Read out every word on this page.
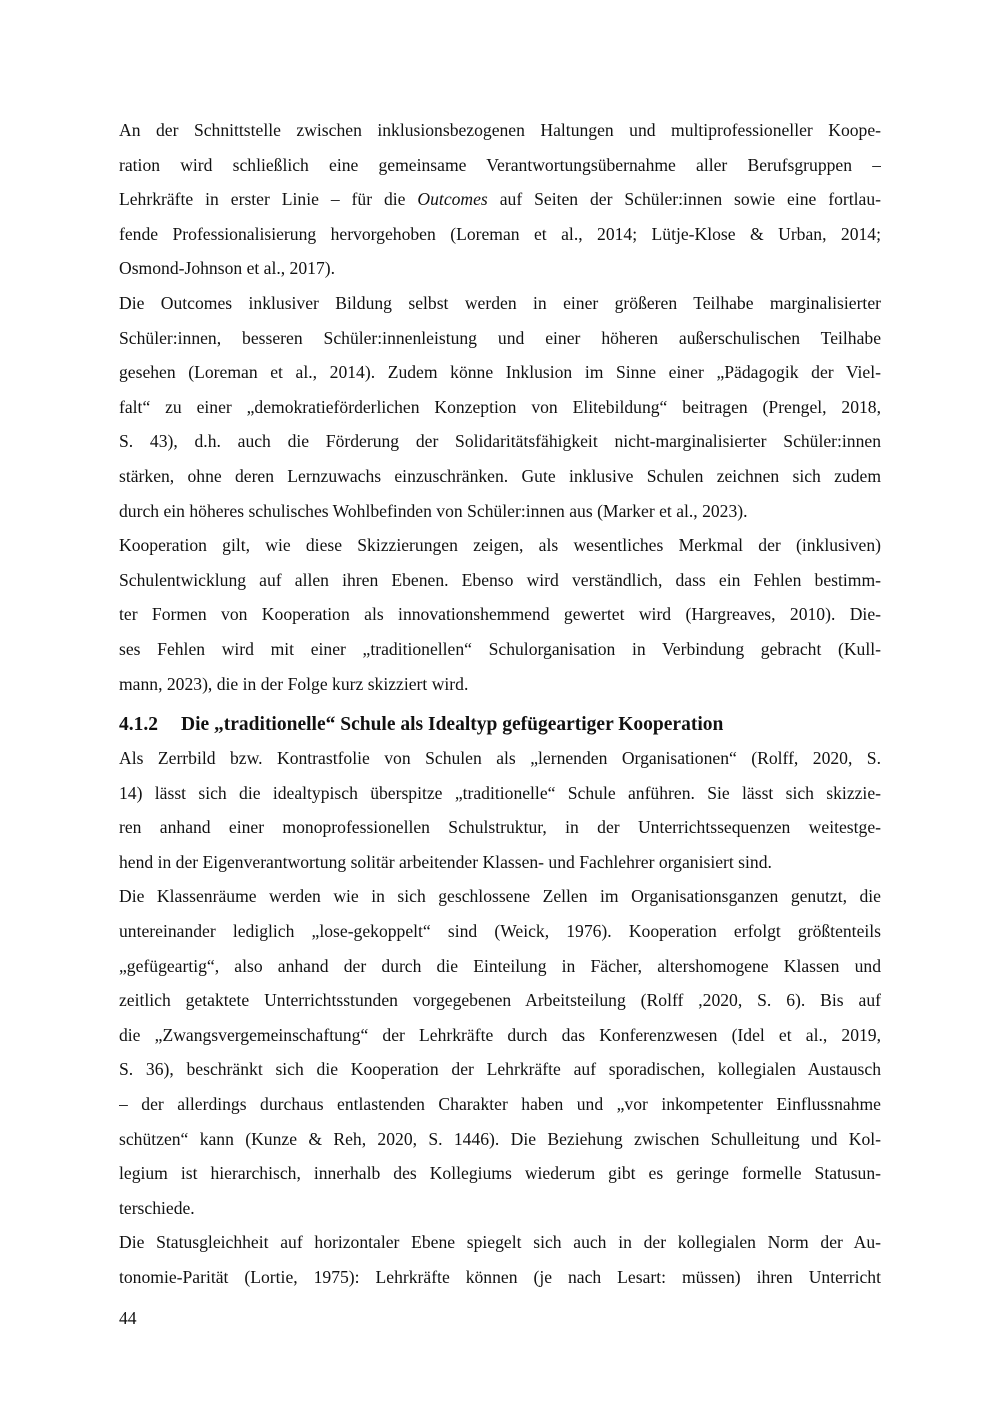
An der Schnittstelle zwischen inklusionsbezogenen Haltungen und multiprofessioneller Koope-
ration wird schließlich eine gemeinsame Verantwortungsübernahme aller Berufsgruppen –
Lehrkräfte in erster Linie – für die Outcomes auf Seiten der Schüler:innen sowie eine fortlau-
fende Professionalisierung hervorgehoben (Loreman et al., 2014; Lütje-Klose & Urban, 2014;
Osmond-Johnson et al., 2017).

Die Outcomes inklusiver Bildung selbst werden in einer größeren Teilhabe marginalisierter
Schüler:innen, besseren Schüler:innenleistung und einer höheren außerschulischen Teilhabe
gesehen (Loreman et al., 2014). Zudem könne Inklusion im Sinne einer „Pädagogik der Viel-
falt“ zu einer „demokratieförderlichen Konzeption von Elitebildung“ beitragen (Prengel, 2018,
S. 43), d.h. auch die Förderung der Solidaritätsfähigkeit nicht-marginalisierter Schüler:innen
stärken, ohne deren Lernzuwachs einzuschränken. Gute inklusive Schulen zeichnen sich zudem
durch ein höheres schulisches Wohlbefinden von Schüler:innen aus (Marker et al., 2023).

Kooperation gilt, wie diese Skizzierungen zeigen, als wesentliches Merkmal der (inklusiven)
Schulentwicklung auf allen ihren Ebenen. Ebenso wird verständlich, dass ein Fehlen bestimm-
ter Formen von Kooperation als innovationshemmend gewertet wird (Hargreaves, 2010). Die-
ses Fehlen wird mit einer „traditionellen“ Schulorganisation in Verbindung gebracht (Kull-
mann, 2023), die in der Folge kurz skizziert wird.

4.1.2 Die „traditionelle“ Schule als Idealtyp gefügeartiger Kooperation

Als Zerrbild bzw. Kontrastfolie von Schulen als „lernenden Organisationen“ (Rolff, 2020, S.
14) lässt sich die idealtypisch überspitze „traditionelle“ Schule anführen. Sie lässt sich skizzie-
ren anhand einer monoprofessionellen Schulstruktur, in der Unterrichtssequenzen weitestge-
hend in der Eigenverantwortung solitär arbeitender Klassen- und Fachlehrer organisiert sind.

Die Klassenräume werden wie in sich geschlossene Zellen im Organisationsganzen genutzt, die
untereinander lediglich „lose-gekoppelt“ sind (Weick, 1976). Kooperation erfolgt größtenteils
„gefügeartig“, also anhand der durch die Einteilung in Fächer, altershomogene Klassen und
zeitlich getaktete Unterrichtsstunden vorgegebenen Arbeitsteilung (Rolff ,2020, S. 6). Bis auf
die „Zwangsvergemeinschaftung“ der Lehrkräfte durch das Konferenzwesen (Idel et al., 2019,
S. 36), beschränkt sich die Kooperation der Lehrkräfte auf sporadischen, kollegialen Austausch
– der allerdings durchaus entlastenden Charakter haben und „vor inkompetenter Einflussnahme
schützen“ kann (Kunze & Reh, 2020, S. 1446). Die Beziehung zwischen Schulleitung und Kol-
legium ist hierarchisch, innerhalb des Kollegiums wiederum gibt es geringe formelle Statusun-
terschiede.

Die Statusgleichheit auf horizontaler Ebene spiegelt sich auch in der kollegialen Norm der Au-
tonomie-Parität (Lortie, 1975): Lehrkräfte können (je nach Lesart: müssen) ihren Unterricht

44
